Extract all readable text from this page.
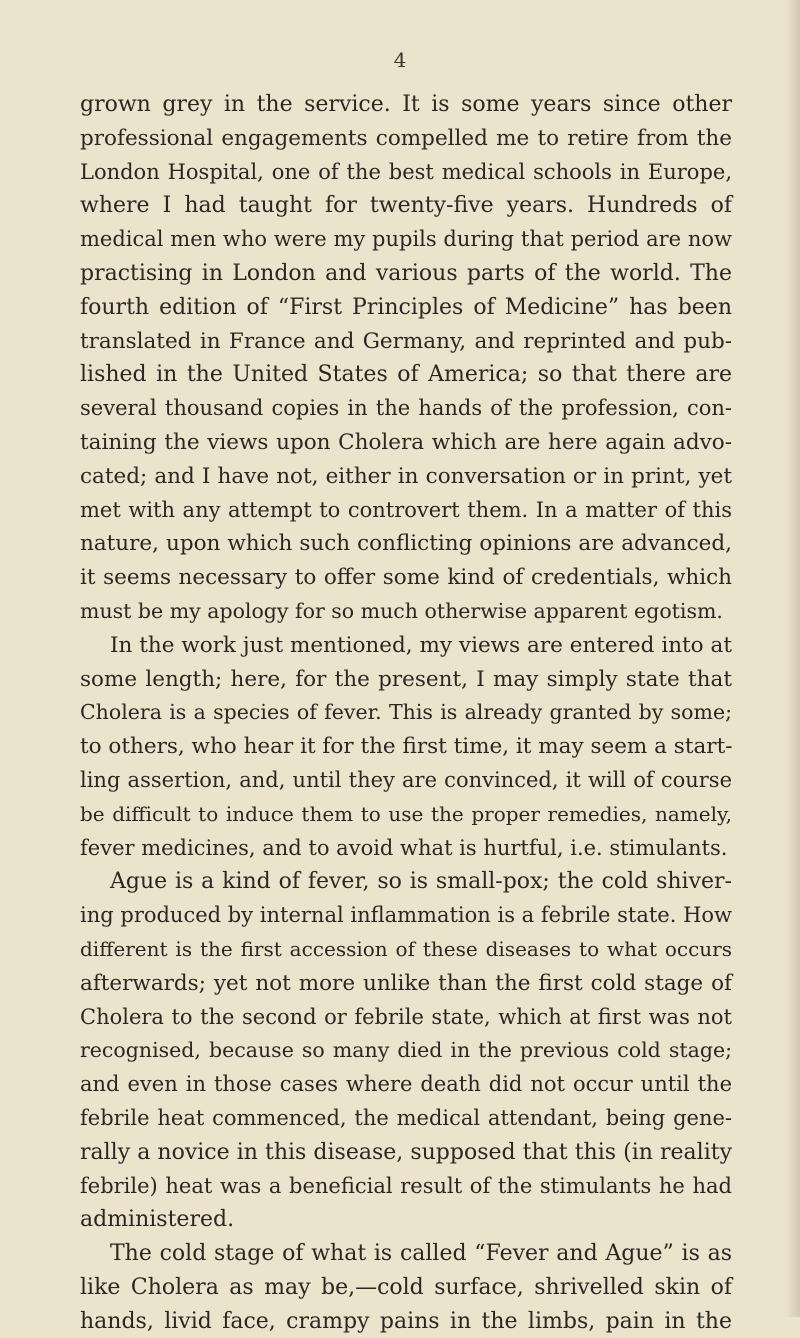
4
grown grey in the service. It is some years since other
professional engagements compelled me to retire from the
London Hospital, one of the best medical schools in Europe,
where I had taught for twenty-five years. Hundreds of
medical men who were my pupils during that period are now
practising in London and various parts of the world. The
fourth edition of “First Principles of Medicine” has been
translated in France and Germany, and reprinted and pub-
lished in the United States of America; so that there are
several thousand copies in the hands of the profession, con-
taining the views upon Cholera which are here again advo-
cated; and I have not, either in conversation or in print, yet
met with any attempt to controvert them. In a matter of this
nature, upon which such conflicting opinions are advanced,
it seems necessary to offer some kind of credentials, which
must be my apology for so much otherwise apparent egotism.
In the work just mentioned, my views are entered into at
some length; here, for the present, I may simply state that
Cholera is a species of fever. This is already granted by some;
to others, who hear it for the first time, it may seem a start-
ling assertion, and, until they are convinced, it will of course
be difficult to induce them to use the proper remedies, namely,
fever medicines, and to avoid what is hurtful, i.e. stimulants.
Ague is a kind of fever, so is small-pox; the cold shiver-
ing produced by internal inflammation is a febrile state. How
different is the first accession of these diseases to what occurs
afterwards; yet not more unlike than the first cold stage of
Cholera to the second or febrile state, which at first was not
recognised, because so many died in the previous cold stage;
and even in those cases where death did not occur until the
febrile heat commenced, the medical attendant, being gene-
rally a novice in this disease, supposed that this (in reality
febrile) heat was a beneficial result of the stimulants he had
administered.
The cold stage of what is called “Fever and Ague” is as
like Cholera as may be,—cold surface, shrivelled skin of
hands, livid face, crampy pains in the limbs, pain in the
